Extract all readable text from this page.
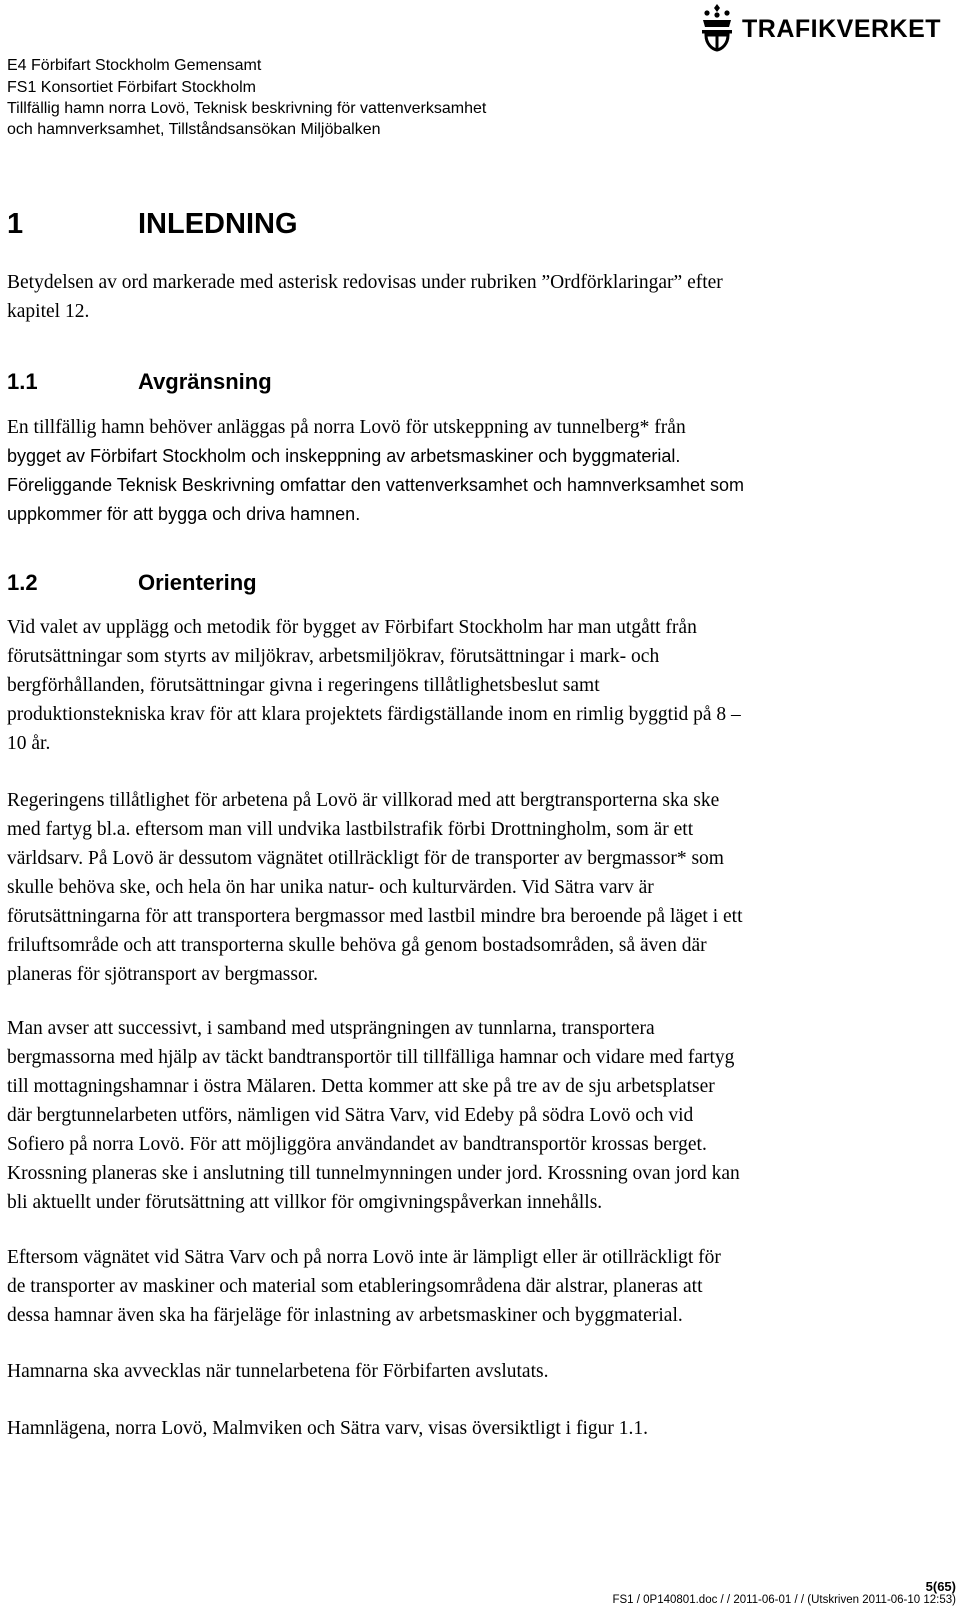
E4 Förbifart Stockholm Gemensamt
FS1 Konsortiet Förbifart Stockholm
Tillfällig hamn norra Lovö, Teknisk beskrivning för vattenverksamhet
och hamnverksamhet, Tillståndsansökan Miljöbalken
TRAFIKVERKET
1	INLEDNING
Betydelsen av ord markerade med asterisk redovisas under rubriken ”Ordförklaringar” efter
kapitel 12.
1.1	Avgränsning
En tillfällig hamn behöver anläggas på norra Lovö för utskeppning av tunnelberg* från
bygget av Förbifart Stockholm och inskeppning av arbetsmaskiner och byggmaterial.
Föreliggande Teknisk Beskrivning omfattar den vattenverksamhet och hamnverksamhet som
uppkommer för att bygga och driva hamnen.
1.2	Orientering
Vid valet av upplägg och metodik för bygget av Förbifart Stockholm har man utgått från
förutsättningar som styrts av miljökrav, arbetsmiljökrav, förutsättningar i mark- och
bergförhållanden, förutsättningar givna i regeringens tillåtlighetsbeslut samt
produktionstekniska krav för att klara projektets färdigställande inom en rimlig byggtid på 8 –
10 år.
Regeringens tillåtlighet för arbetena på Lovö är villkorad med att bergtransporterna ska ske
med fartyg bl.a. eftersom man vill undvika lastbilstrafik förbi Drottningholm, som är ett
världsarv. På Lovö är dessutom vägnätet otillräckligt för de transporter av bergmassor* som
skulle behöva ske, och hela ön har unika natur- och kulturvärden. Vid Sätra varv är
förutsättningarna för att transportera bergmassor med lastbil mindre bra beroende på läget i ett
friluftsområde och att transporterna skulle behöva gå genom bostadsområden, så även där
planeras för sjötransport av bergmassor.
Man avser att successivt, i samband med utsprängningen av tunnlarna, transportera
bergmassorna med hjälp av täckt bandtransportör till tillfälliga hamnar och vidare med fartyg
till mottagningshamnar i östra Mälaren. Detta kommer att ske på tre av de sju arbetsplatser
där bergtunnelarbeten utförs, nämligen vid Sätra Varv, vid Edeby på södra Lovö och vid
Sofiero på norra Lovö. För att möjliggöra användandet av bandtransportör krossas berget.
Krossning planeras ske i anslutning till tunnelmynningen under jord. Krossning ovan jord kan
bli aktuellt under förutsättning att villkor för omgivningspåverkan innehålls.
Eftersom vägnätet vid Sätra Varv och på norra Lovö inte är lämpligt eller är otillräckligt för
de transporter av maskiner och material som etableringsområdena där alstrar, planeras att
dessa hamnar även ska ha färjeläge för inlastning av arbetsmaskiner och byggmaterial.
Hamnarna ska avvecklas när tunnelarbetena för Förbifarten avslutats.
Hamnlägena, norra Lovö, Malmviken och Sätra varv, visas översiktligt i figur 1.1.
5(65)
FS1 / 0P140801.doc / / 2011-06-01 / / (Utskriven 2011-06-10 12:53)
